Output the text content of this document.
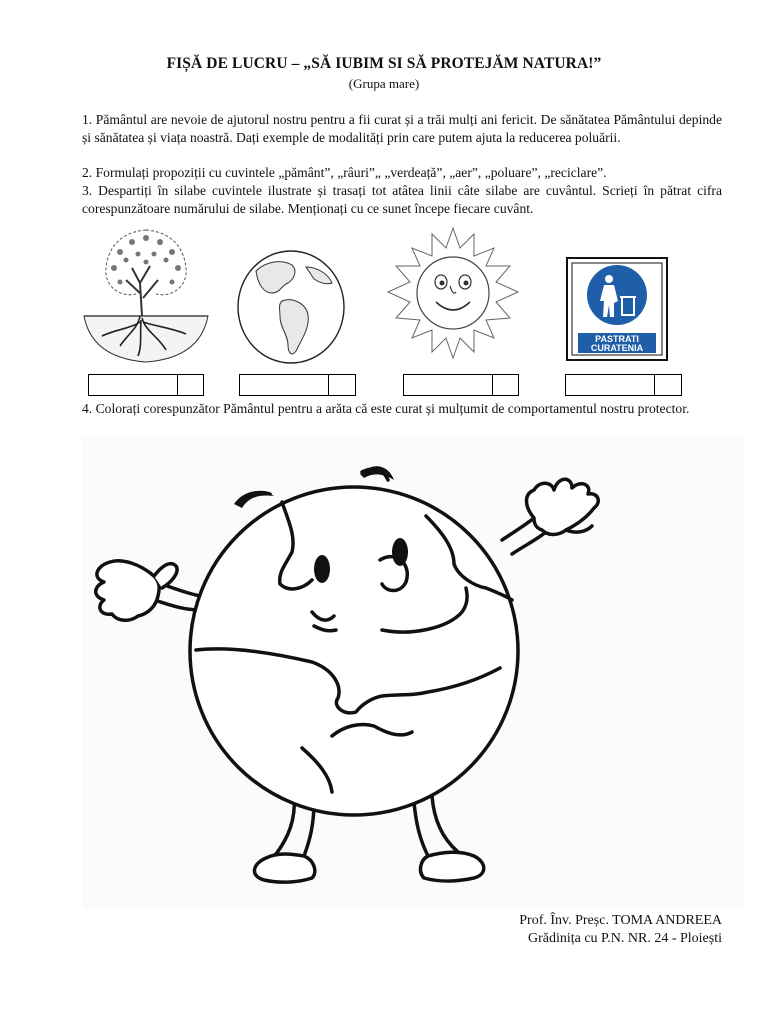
FIȘĂ DE LUCRU – „SĂ IUBIM SI SĂ PROTEJĂM NATURA!”
(Grupa mare)
1. Pământul are nevoie de ajutorul nostru pentru a fii curat și a trăi mulți ani fericit. De sănătatea Pământului depinde și sănătatea și viața noastră. Dați exemple de modalități prin care putem ajuta la reducerea poluării.
2. Formulați propoziții cu cuvintele „pământ”, „râuri”„ „verdeață”, „aer”, „poluare”, „reciclare”.
3. Despartiți în silabe cuvintele ilustrate și trasați tot atâtea linii câte silabe are cuvântul. Scrieți în pătrat cifra corespunzătoare numărului de silabe. Menționați cu ce sunet începe fiecare cuvânt.
PASTRATI
CURATENIA
4. Colorați corespunzător Pământul pentru a arăta că este curat și mulțumit de comportamentul nostru protector.
Prof. Înv. Preșc. TOMA ANDREEA
Grădinița cu P.N. NR. 24 - Ploiești
